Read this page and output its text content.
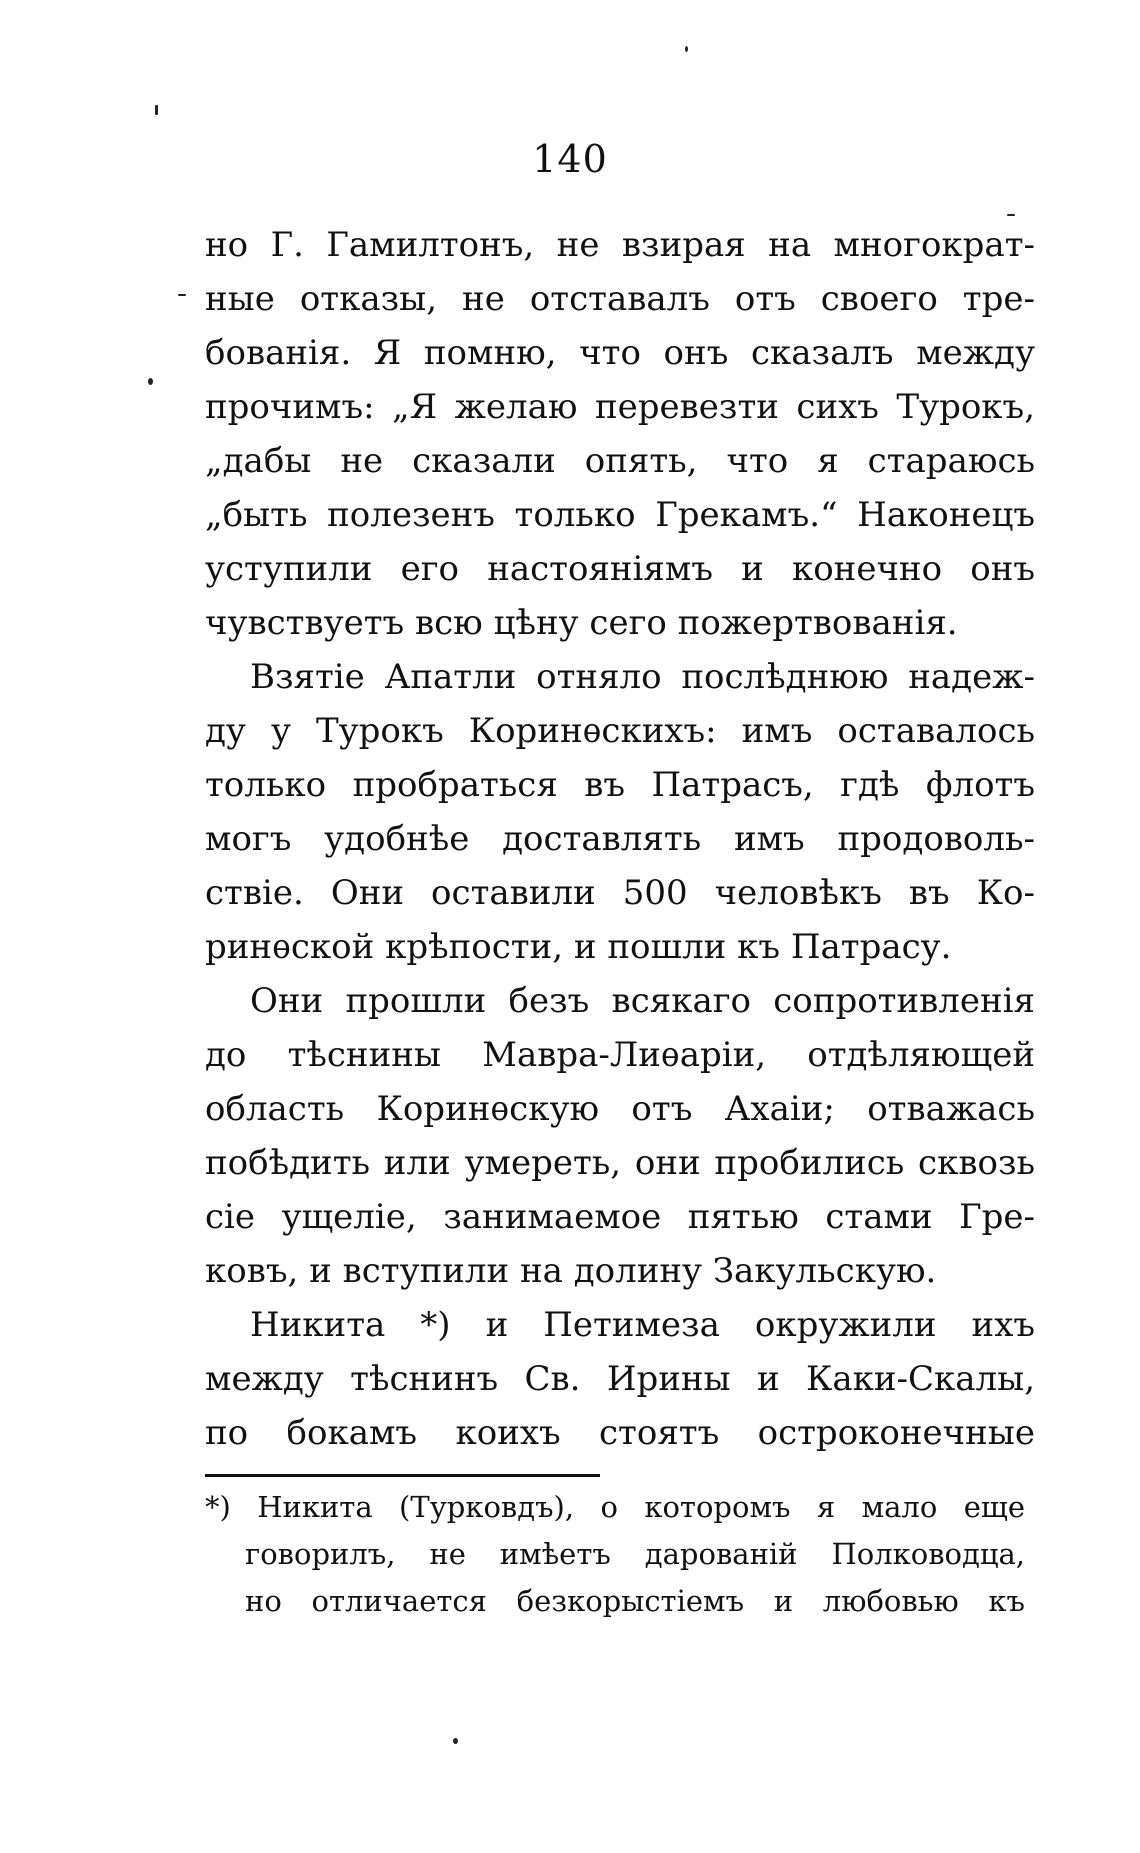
140
но Г. Гамилтонъ, не взирая на многократ-
ные отказы, не отставалъ отъ своего тре-
бованія. Я помню, что онъ сказалъ между
прочимъ: „Я желаю перевезти сихъ Турокъ,
„дабы не сказали опять, что я стараюсь
„быть полезенъ только Грекамъ.“ Наконецъ
уступили его настояніямъ и конечно онъ
чувствуетъ всю цѣну сего пожертвованія.
Взятіе Апатли отняло послѣднюю надеж-
ду у Турокъ Коринѳскихъ: имъ оставалось
только пробраться въ Патрасъ, гдѣ флотъ
могъ удобнѣе доставлять имъ продоволь-
ствіе. Они оставили 500 человѣкъ въ Ко-
ринѳской крѣпости, и пошли къ Патрасу.
Они прошли безъ всякаго сопротивленія
до тѣснины Мавра-Лиѳаріи, отдѣляющей
область Коринѳскую отъ Ахаіи; отважась
побѣдить или умереть, они пробились сквозь
сіе ущеліе, занимаемое пятью стами Гре-
ковъ, и вступили на долину Закульскую.
Никита *) и Петимеза окружили ихъ
между тѣснинъ Св. Ирины и Каки-Скалы,
по бокамъ коихъ стоятъ остроконечные
*) Никита (Турковдъ), о которомъ я мало еще
говорилъ, не имѣетъ дарованій Полководца,
но отличается безкорыстіемъ и любовью къ
